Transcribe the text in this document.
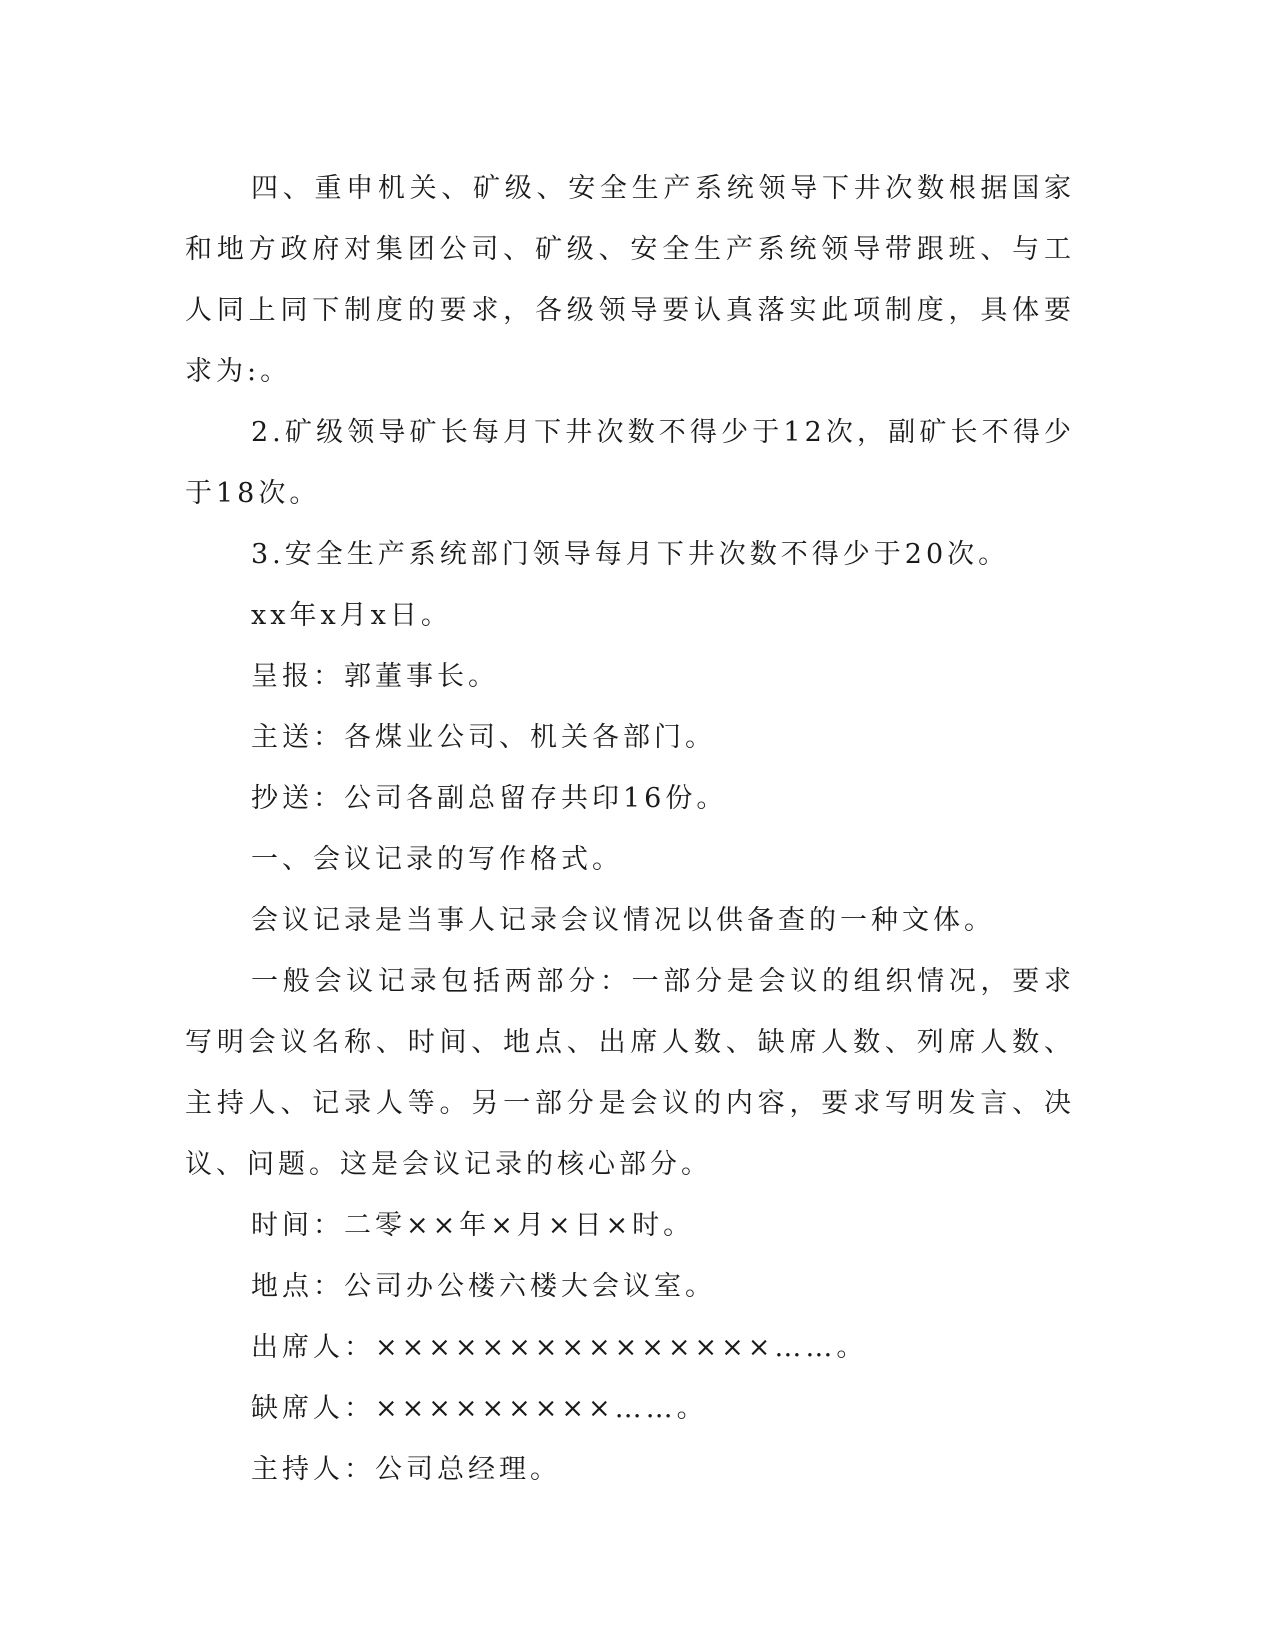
四、重申机关、矿级、安全生产系统领导下井次数根据国家和地方政府对集团公司、矿级、安全生产系统领导带跟班、与工人同上同下制度的要求，各级领导要认真落实此项制度，具体要求为:。

2.矿级领导矿长每月下井次数不得少于12次，副矿长不得少于18次。

3.安全生产系统部门领导每月下井次数不得少于20次。

xx年x月x日。

呈报：郭董事长。

主送：各煤业公司、机关各部门。

抄送：公司各副总留存共印16份。

一、会议记录的写作格式。

会议记录是当事人记录会议情况以供备查的一种文体。

一般会议记录包括两部分：一部分是会议的组织情况，要求写明会议名称、时间、地点、出席人数、缺席人数、列席人数、主持人、记录人等。另一部分是会议的内容，要求写明发言、决议、问题。这是会议记录的核心部分。

时间：二零××年×月×日×时。

地点：公司办公楼六楼大会议室。

出席人：×××××××××××××××……。

缺席人：×××××××××……。

主持人：公司总经理。
